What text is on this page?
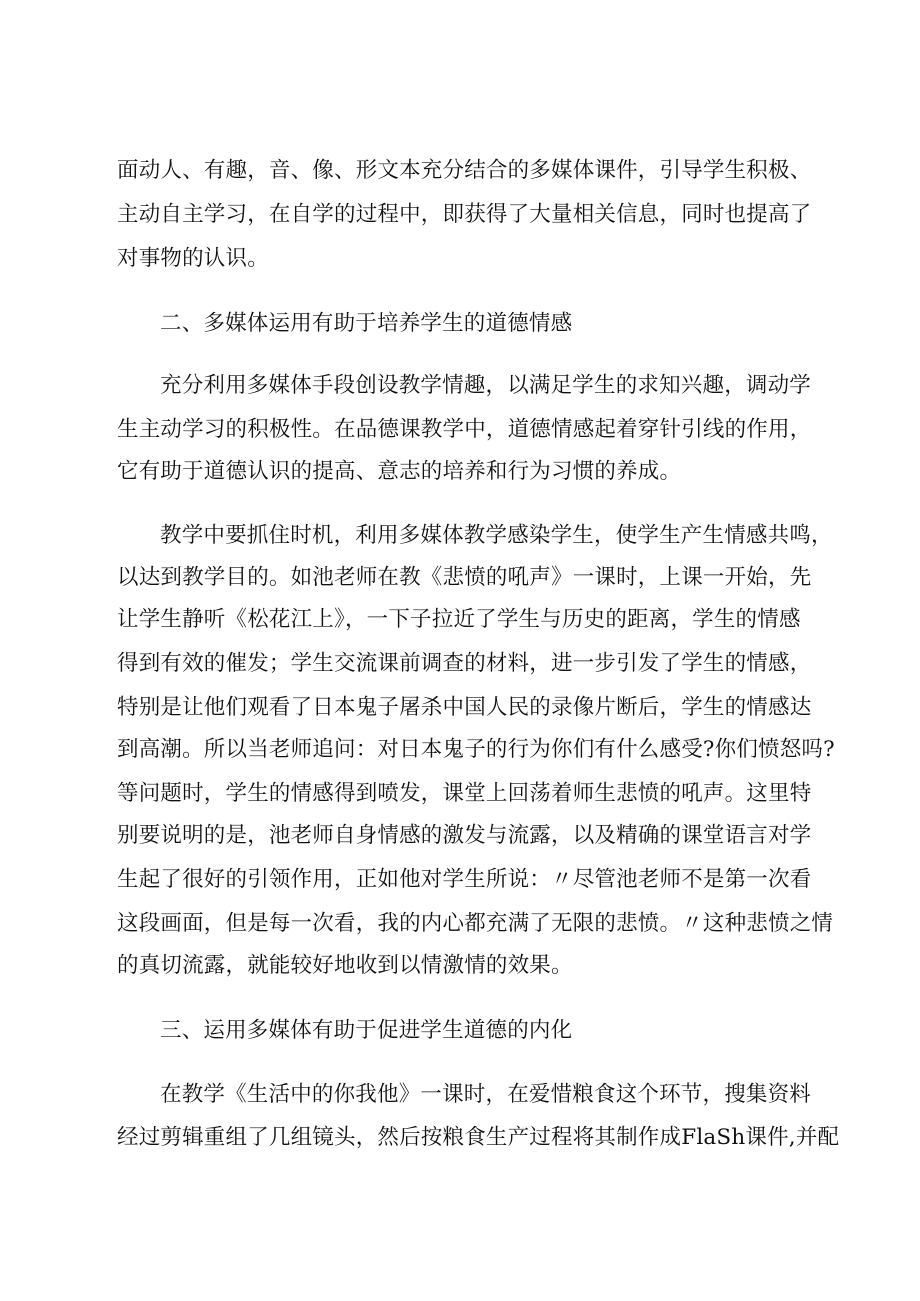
面动人、有趣，音、像、形文本充分结合的多媒体课件，引导学生积极、
主动自主学习，在自学的过程中，即获得了大量相关信息，同时也提高了
对事物的认识。
二、多媒体运用有助于培养学生的道德情感
充分利用多媒体手段创设教学情趣，以满足学生的求知兴趣，调动学
生主动学习的积极性。在品德课教学中，道德情感起着穿针引线的作用，
它有助于道德认识的提高、意志的培养和行为习惯的养成。
教学中要抓住时机，利用多媒体教学感染学生，使学生产生情感共鸣，
以达到教学目的。如池老师在教《悲愤的吼声》一课时，上课一开始，先
让学生静听《松花江上》，一下子拉近了学生与历史的距离，学生的情感
得到有效的催发；学生交流课前调查的材料，进一步引发了学生的情感，
特别是让他们观看了日本鬼子屠杀中国人民的录像片断后，学生的情感达
到高潮。所以当老师追问：对日本鬼子的行为你们有什么感受?你们愤怒吗?
等问题时，学生的情感得到喷发，课堂上回荡着师生悲愤的吼声。这里特
别要说明的是，池老师自身情感的激发与流露，以及精确的课堂语言对学
生起了很好的引领作用，正如他对学生所说：〃尽管池老师不是第一次看
这段画面，但是每一次看，我的内心都充满了无限的悲愤。〃这种悲愤之情
的真切流露，就能较好地收到以情激情的效果。
三、运用多媒体有助于促进学生道德的内化
在教学《生活中的你我他》一课时，在爱惜粮食这个环节，搜集资料
经过剪辑重组了几组镜头，然后按粮食生产过程将其制作成FlaSh课件,并配
